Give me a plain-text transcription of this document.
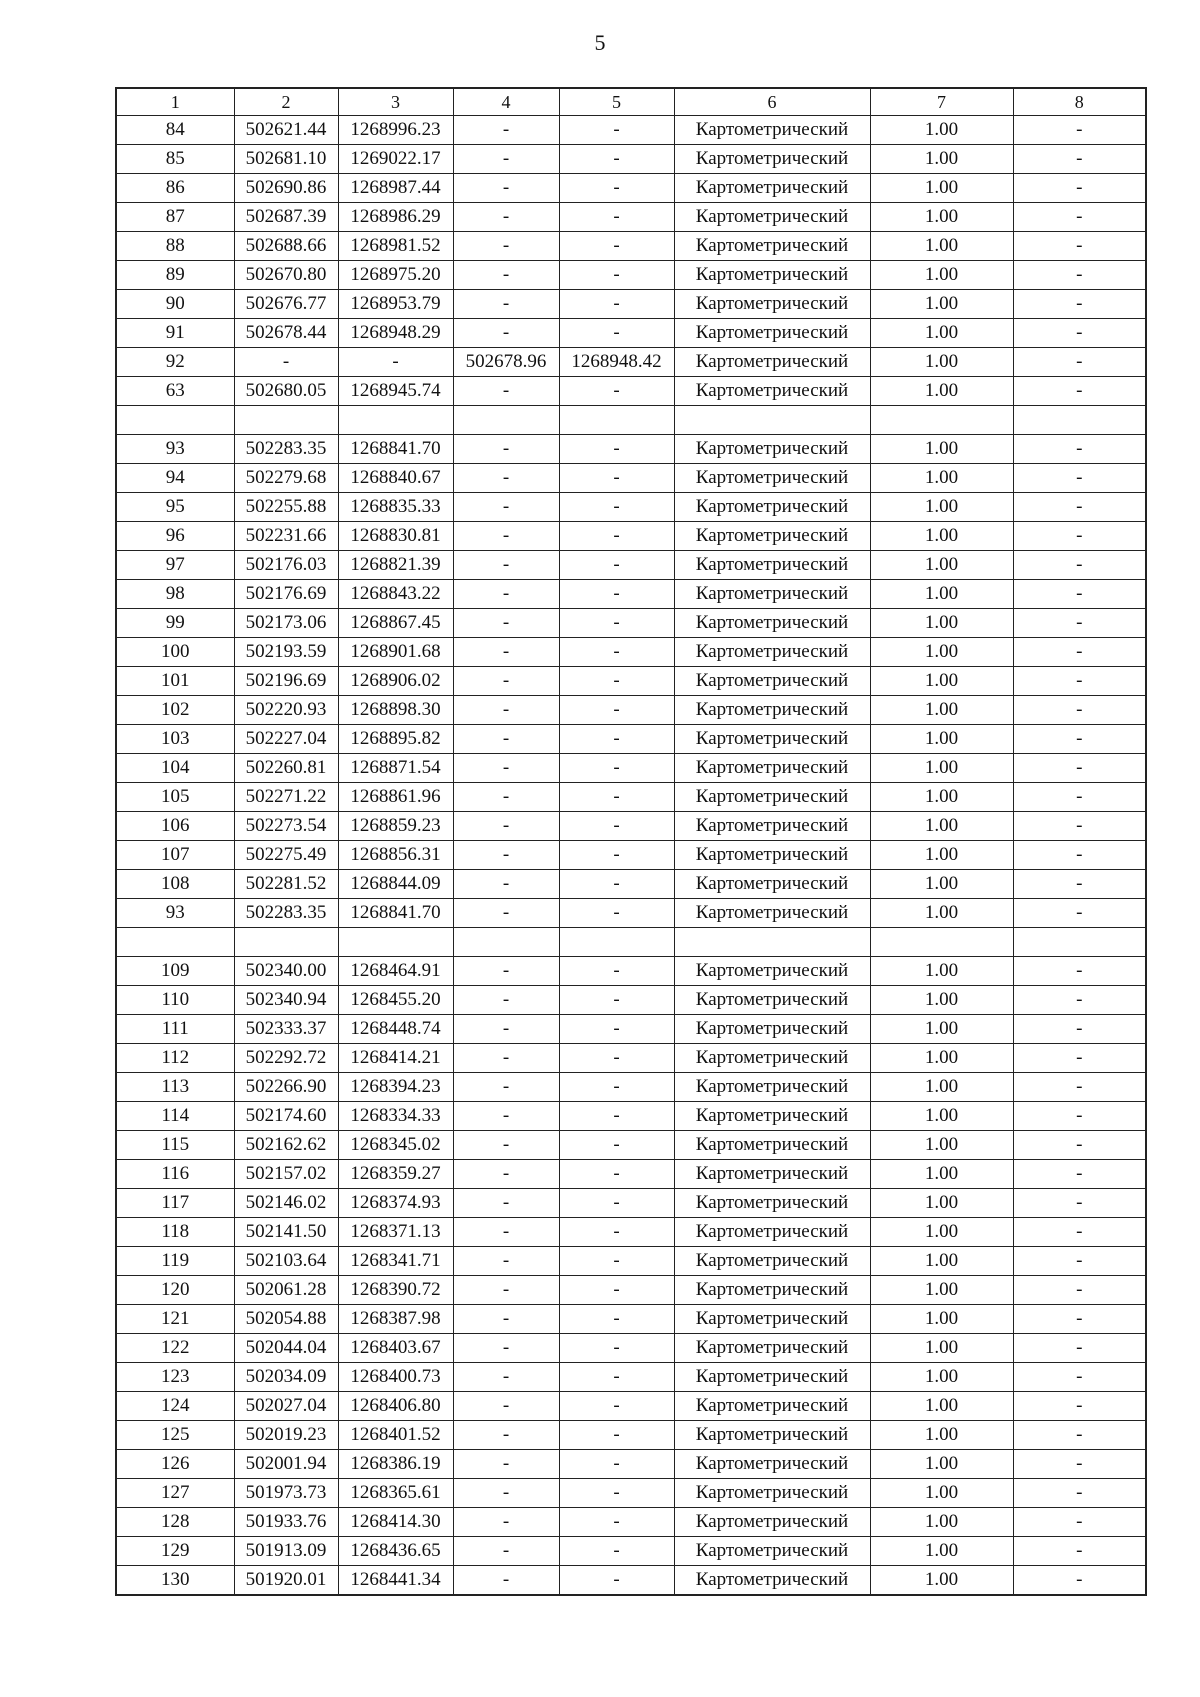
5
1	2	3	4	5	6	7	8
84	502621.44	1268996.23	-	-	Картометрический	1.00	-
85	502681.10	1269022.17	-	-	Картометрический	1.00	-
86	502690.86	1268987.44	-	-	Картометрический	1.00	-
87	502687.39	1268986.29	-	-	Картометрический	1.00	-
88	502688.66	1268981.52	-	-	Картометрический	1.00	-
89	502670.80	1268975.20	-	-	Картометрический	1.00	-
90	502676.77	1268953.79	-	-	Картометрический	1.00	-
91	502678.44	1268948.29	-	-	Картометрический	1.00	-
92	-	-	502678.96	1268948.42	Картометрический	1.00	-
63	502680.05	1268945.74	-	-	Картометрический	1.00	-

93	502283.35	1268841.70	-	-	Картометрический	1.00	-
94	502279.68	1268840.67	-	-	Картометрический	1.00	-
95	502255.88	1268835.33	-	-	Картометрический	1.00	-
96	502231.66	1268830.81	-	-	Картометрический	1.00	-
97	502176.03	1268821.39	-	-	Картометрический	1.00	-
98	502176.69	1268843.22	-	-	Картометрический	1.00	-
99	502173.06	1268867.45	-	-	Картометрический	1.00	-
100	502193.59	1268901.68	-	-	Картометрический	1.00	-
101	502196.69	1268906.02	-	-	Картометрический	1.00	-
102	502220.93	1268898.30	-	-	Картометрический	1.00	-
103	502227.04	1268895.82	-	-	Картометрический	1.00	-
104	502260.81	1268871.54	-	-	Картометрический	1.00	-
105	502271.22	1268861.96	-	-	Картометрический	1.00	-
106	502273.54	1268859.23	-	-	Картометрический	1.00	-
107	502275.49	1268856.31	-	-	Картометрический	1.00	-
108	502281.52	1268844.09	-	-	Картометрический	1.00	-
93	502283.35	1268841.70	-	-	Картометрический	1.00	-

109	502340.00	1268464.91	-	-	Картометрический	1.00	-
110	502340.94	1268455.20	-	-	Картометрический	1.00	-
111	502333.37	1268448.74	-	-	Картометрический	1.00	-
112	502292.72	1268414.21	-	-	Картометрический	1.00	-
113	502266.90	1268394.23	-	-	Картометрический	1.00	-
114	502174.60	1268334.33	-	-	Картометрический	1.00	-
115	502162.62	1268345.02	-	-	Картометрический	1.00	-
116	502157.02	1268359.27	-	-	Картометрический	1.00	-
117	502146.02	1268374.93	-	-	Картометрический	1.00	-
118	502141.50	1268371.13	-	-	Картометрический	1.00	-
119	502103.64	1268341.71	-	-	Картометрический	1.00	-
120	502061.28	1268390.72	-	-	Картометрический	1.00	-
121	502054.88	1268387.98	-	-	Картометрический	1.00	-
122	502044.04	1268403.67	-	-	Картометрический	1.00	-
123	502034.09	1268400.73	-	-	Картометрический	1.00	-
124	502027.04	1268406.80	-	-	Картометрический	1.00	-
125	502019.23	1268401.52	-	-	Картометрический	1.00	-
126	502001.94	1268386.19	-	-	Картометрический	1.00	-
127	501973.73	1268365.61	-	-	Картометрический	1.00	-
128	501933.76	1268414.30	-	-	Картометрический	1.00	-
129	501913.09	1268436.65	-	-	Картометрический	1.00	-
130	501920.01	1268441.34	-	-	Картометрический	1.00	-
